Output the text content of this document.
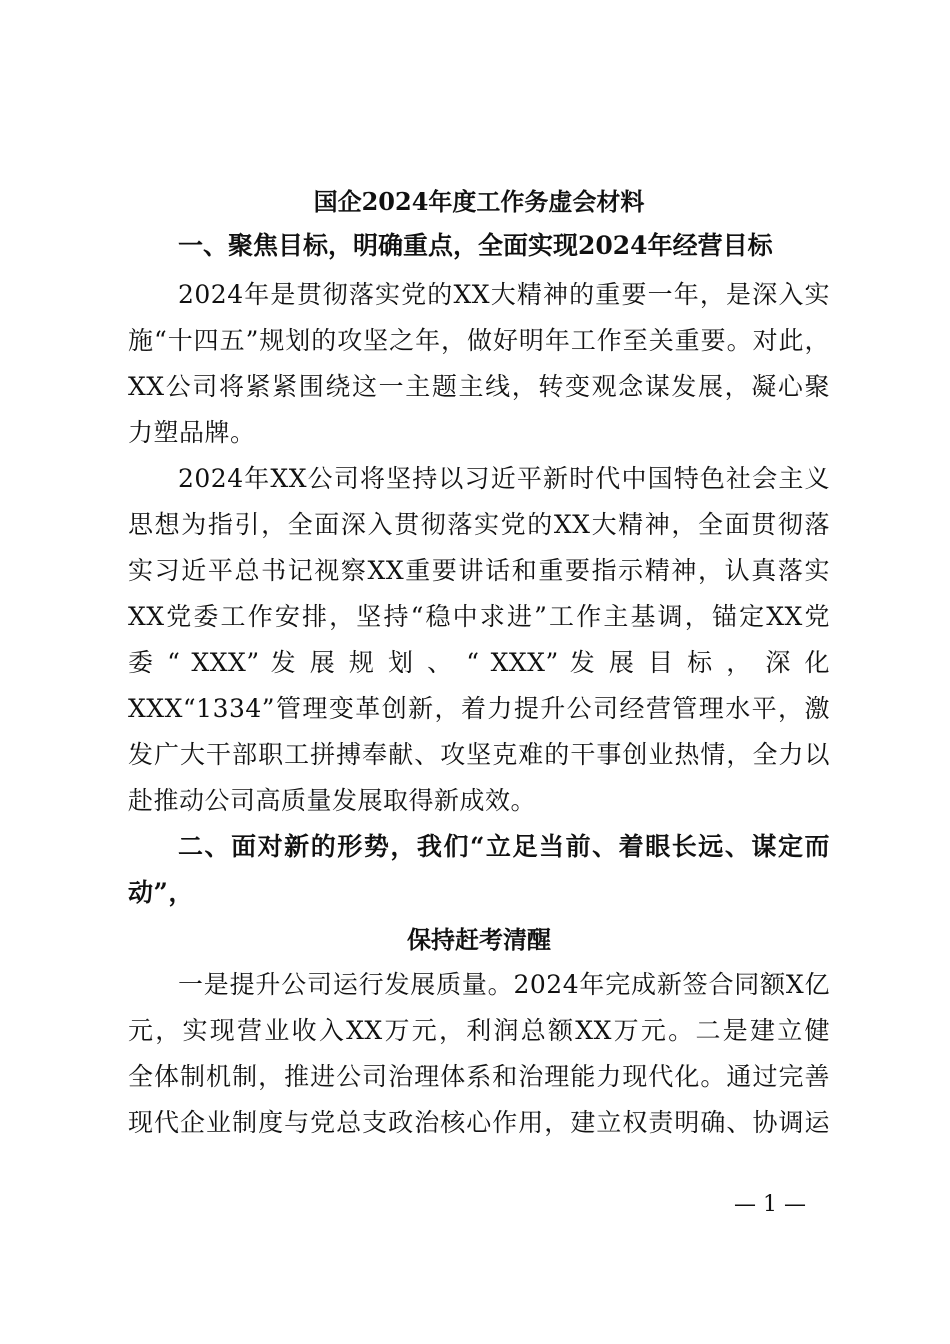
国企2024年度工作务虚会材料
一、聚焦目标，明确重点，全面实现2024年经营目标
2024年是贯彻落实党的XX大精神的重要一年，是深入实
施“十四五”规划的攻坚之年，做好明年工作至关重要。对此，
XX公司将紧紧围绕这一主题主线，转变观念谋发展，凝心聚
力塑品牌。
2024年XX公司将坚持以习近平新时代中国特色社会主义
思想为指引，全面深入贯彻落实党的XX大精神，全面贯彻落
实习近平总书记视察XX重要讲话和重要指示精神，认真落实
XX党委工作安排，坚持“稳中求进”工作主基调，锚定XX党
委 “ XXX” 发 展 规 划 、 “ XXX” 发 展 目 标 ， 深 化
XXX“1334”管理变革创新，着力提升公司经营管理水平，激
发广大干部职工拼搏奉献、攻坚克难的干事创业热情，全力以
赴推动公司高质量发展取得新成效。
二、面对新的形势，我们“立足当前、着眼长远、谋定而
动”，
保持赶考清醒
一是提升公司运行发展质量。2024年完成新签合同额X亿
元，实现营业收入XX万元，利润总额XX万元。二是建立健
全体制机制，推进公司治理体系和治理能力现代化。通过完善
现代企业制度与党总支政治核心作用，建立权责明确、协调运
— 1 —
